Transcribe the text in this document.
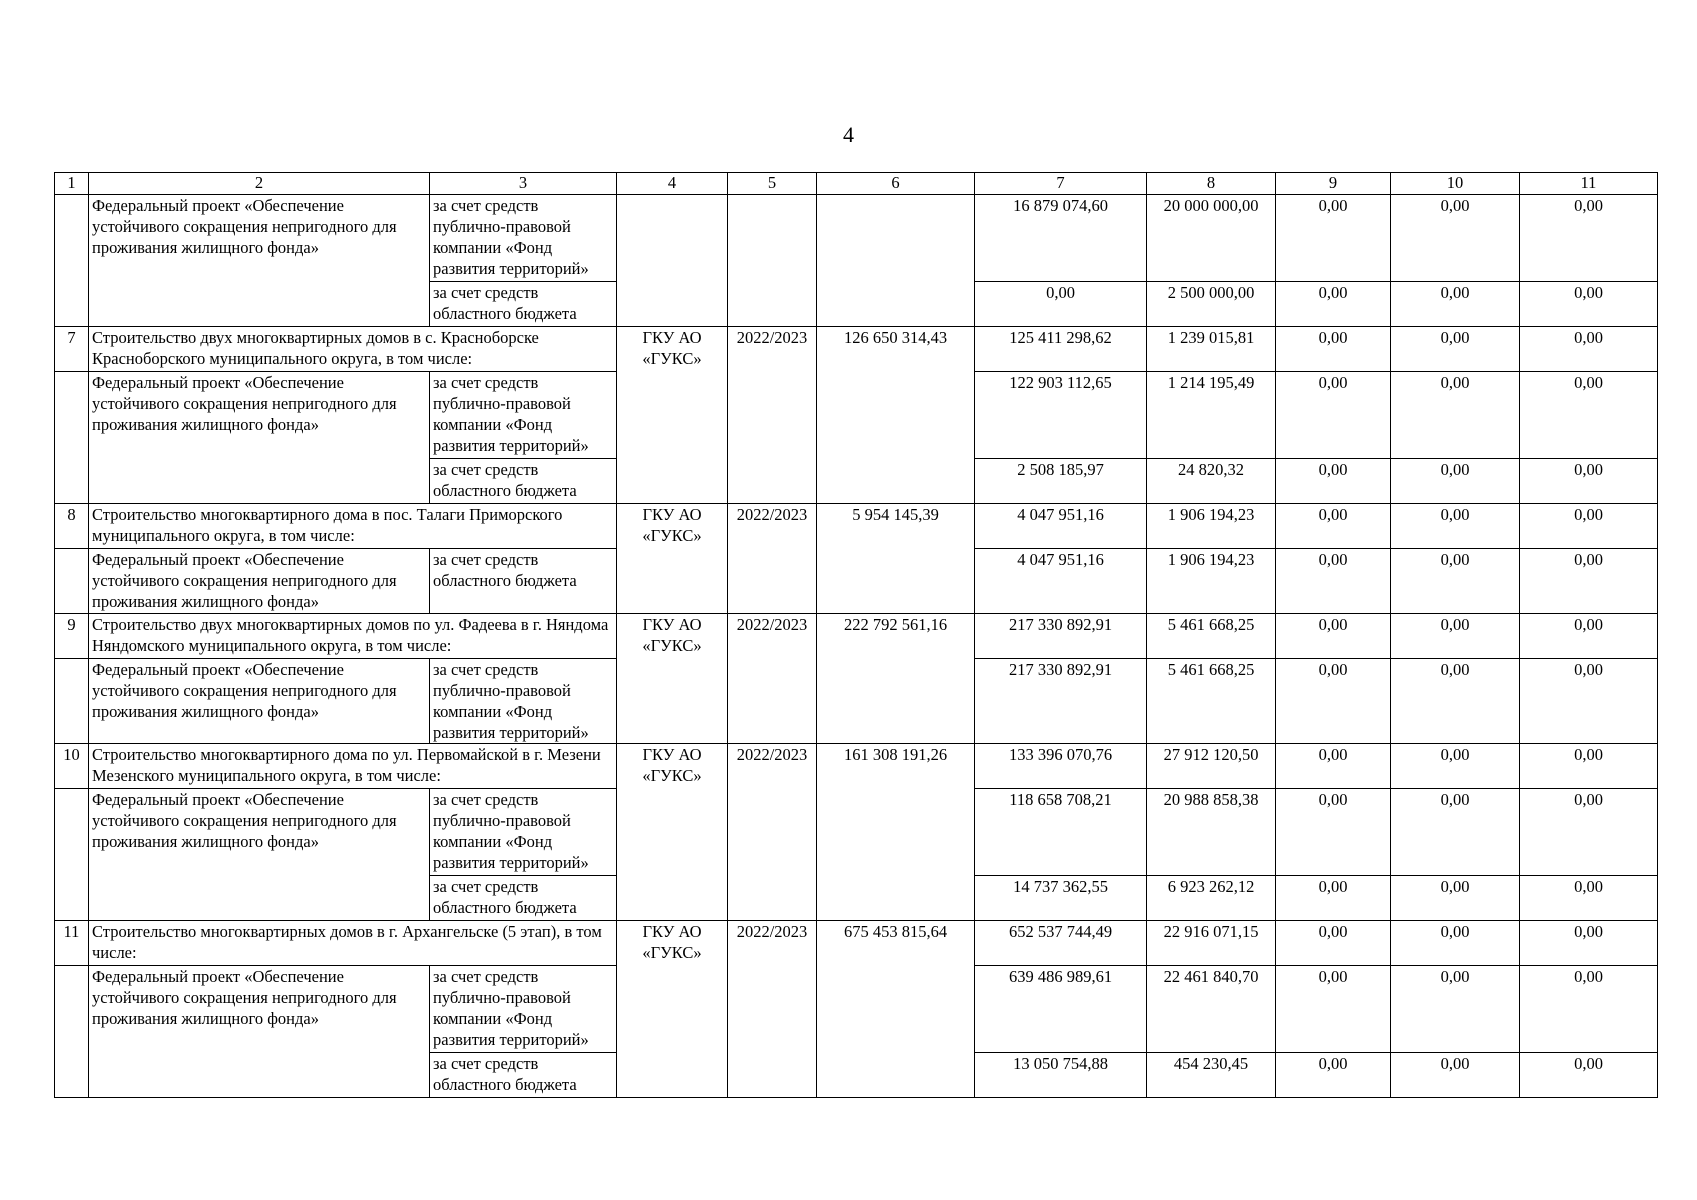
4
1	2	3	4	5	6	7	8	9	10	11
	Федеральный проект «Обеспечение устойчивого сокращения непригодного для проживания жилищного фонда»	за счет средств публично-правовой компании «Фонд развития территорий»				16 879 074,60	20 000 000,00	0,00	0,00	0,00
		за счет средств областного бюджета				0,00	2 500 000,00	0,00	0,00	0,00
7	Строительство двух многоквартирных домов в с. Красноборске Красноборского муниципального округа, в том числе:		ГКУ АО «ГУКС»	2022/2023	126 650 314,43	125 411 298,62	1 239 015,81	0,00	0,00	0,00
	Федеральный проект «Обеспечение устойчивого сокращения непригодного для проживания жилищного фонда»	за счет средств публично-правовой компании «Фонд развития территорий»				122 903 112,65	1 214 195,49	0,00	0,00	0,00
		за счет средств областного бюджета				2 508 185,97	24 820,32	0,00	0,00	0,00
8	Строительство многоквартирного дома в пос. Талаги Приморского муниципального округа, в том числе:		ГКУ АО «ГУКС»	2022/2023	5 954 145,39	4 047 951,16	1 906 194,23	0,00	0,00	0,00
	Федеральный проект «Обеспечение устойчивого сокращения непригодного для проживания жилищного фонда»	за счет средств областного бюджета				4 047 951,16	1 906 194,23	0,00	0,00	0,00
9	Строительство двух многоквартирных домов по ул. Фадеева в г. Няндома Няндомского муниципального округа, в том числе:		ГКУ АО «ГУКС»	2022/2023	222 792 561,16	217 330 892,91	5 461 668,25	0,00	0,00	0,00
	Федеральный проект «Обеспечение устойчивого сокращения непригодного для проживания жилищного фонда»	за счет средств публично-правовой компании «Фонд развития территорий»				217 330 892,91	5 461 668,25	0,00	0,00	0,00
10	Строительство многоквартирного дома по ул. Первомайской в г. Мезени Мезенского муниципального округа, в том числе:		ГКУ АО «ГУКС»	2022/2023	161 308 191,26	133 396 070,76	27 912 120,50	0,00	0,00	0,00
	Федеральный проект «Обеспечение устойчивого сокращения непригодного для проживания жилищного фонда»	за счет средств публично-правовой компании «Фонд развития территорий»				118 658 708,21	20 988 858,38	0,00	0,00	0,00
		за счет средств областного бюджета				14 737 362,55	6 923 262,12	0,00	0,00	0,00
11	Строительство многоквартирных домов в г. Архангельске (5 этап), в том числе:		ГКУ АО «ГУКС»	2022/2023	675 453 815,64	652 537 744,49	22 916 071,15	0,00	0,00	0,00
	Федеральный проект «Обеспечение устойчивого сокращения непригодного для проживания жилищного фонда»	за счет средств публично-правовой компании «Фонд развития территорий»				639 486 989,61	22 461 840,70	0,00	0,00	0,00
		за счет средств областного бюджета				13 050 754,88	454 230,45	0,00	0,00	0,00
